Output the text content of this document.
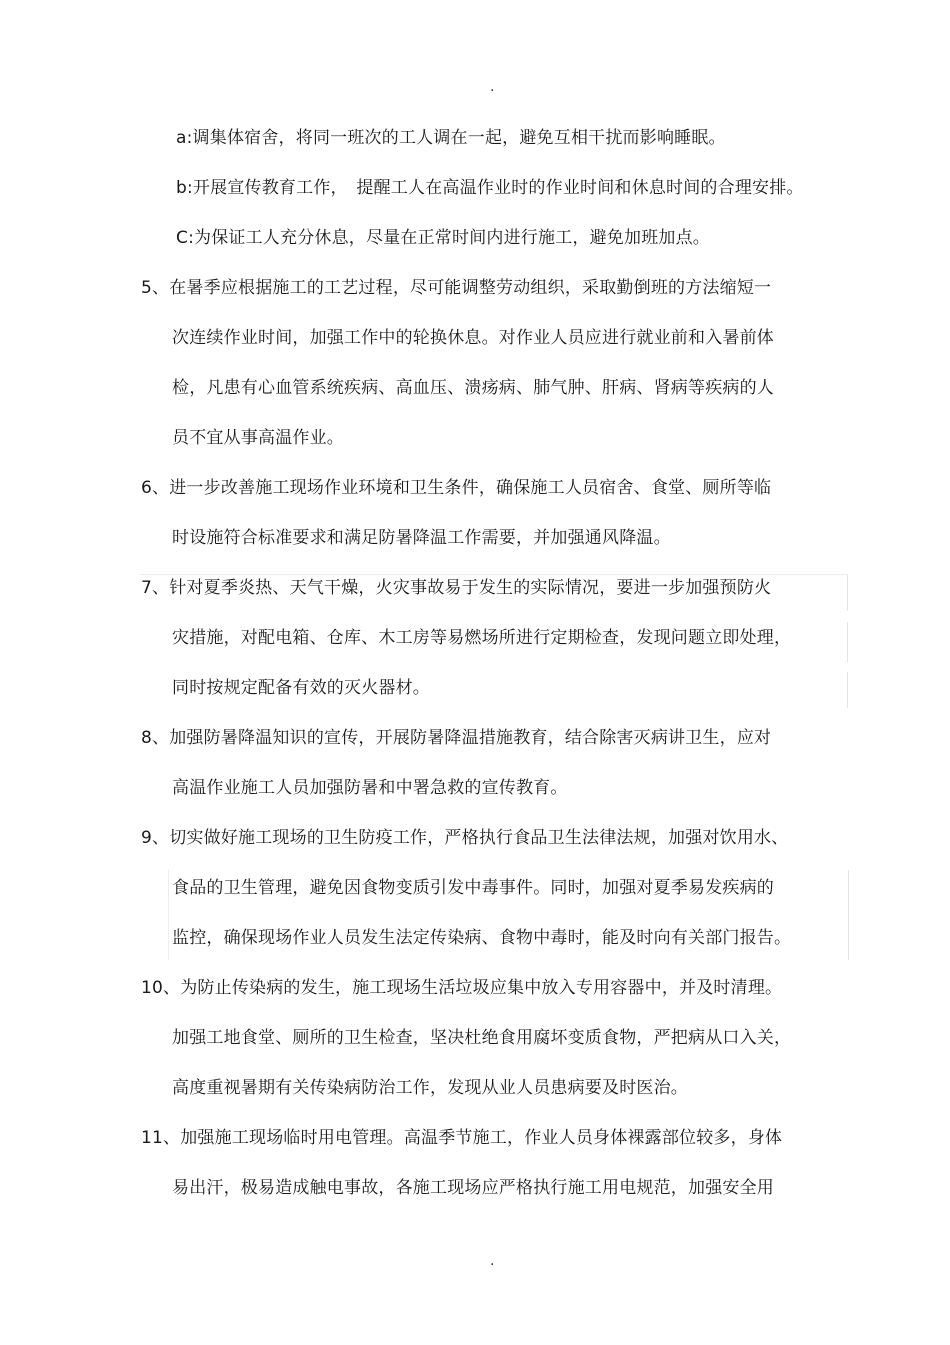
.
a:调集体宿舍，将同一班次的工人调在一起，避免互相干扰而影响睡眠。
b:开展宣传教育工作，　提醒工人在高温作业时的作业时间和休息时间的合理安排。
C:为保证工人充分休息，尽量在正常时间内进行施工，避免加班加点。
5、在暑季应根据施工的工艺过程，尽可能调整劳动组织，采取勤倒班的方法缩短一
次连续作业时间，加强工作中的轮换休息。对作业人员应进行就业前和入暑前体
检，凡患有心血管系统疾病、高血压、溃疡病、肺气肿、肝病、肾病等疾病的人
员不宜从事高温作业。
6、进一步改善施工现场作业环境和卫生条件，确保施工人员宿舍、食堂、厕所等临
时设施符合标准要求和满足防暑降温工作需要，并加强通风降温。
7、针对夏季炎热、天气干燥，火灾事故易于发生的实际情况，要进一步加强预防火
灾措施，对配电箱、仓库、木工房等易燃场所进行定期检查，发现问题立即处理，
同时按规定配备有效的灭火器材。
8、加强防暑降温知识的宣传，开展防暑降温措施教育，结合除害灭病讲卫生，应对
高温作业施工人员加强防暑和中署急救的宣传教育。
9、切实做好施工现场的卫生防疫工作，严格执行食品卫生法律法规，加强对饮用水、
食品的卫生管理，避免因食物变质引发中毒事件。同时，加强对夏季易发疾病的
监控，确保现场作业人员发生法定传染病、食物中毒时，能及时向有关部门报告。
10、为防止传染病的发生，施工现场生活垃圾应集中放入专用容器中，并及时清理。
加强工地食堂、厕所的卫生检查，坚决杜绝食用腐坏变质食物，严把病从口入关，
高度重视暑期有关传染病防治工作，发现从业人员患病要及时医治。
11、加强施工现场临时用电管理。高温季节施工，作业人员身体裸露部位较多，身体
易出汗，极易造成触电事故，各施工现场应严格执行施工用电规范，加强安全用
.
